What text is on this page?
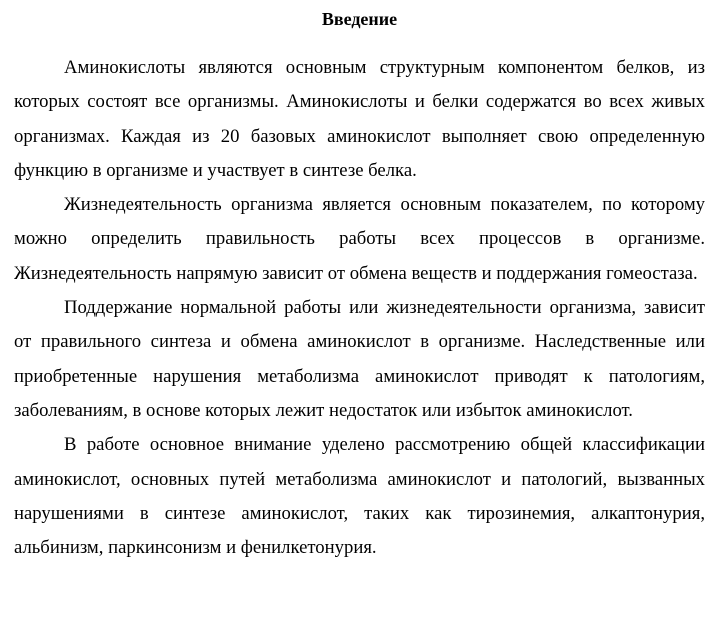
Введение

Аминокислоты являются основным структурным компонентом белков, из которых состоят все организмы. Аминокислоты и белки содержатся во всех живых организмах. Каждая из 20 базовых аминокислот выполняет свою определенную функцию в организме и участвует в синтезе белка.

Жизнедеятельность организма является основным показателем, по которому можно определить правильность работы всех процессов в организме. Жизнедеятельность напрямую зависит от обмена веществ и поддержания гомеостаза.

Поддержание нормальной работы или жизнедеятельности организма, зависит от правильного синтеза и обмена аминокислот в организме. Наследственные или приобретенные нарушения метаболизма аминокислот приводят к патологиям, заболеваниям, в основе которых лежит недостаток или избыток аминокислот.

В работе основное внимание уделено рассмотрению общей классификации аминокислот, основных путей метаболизма аминокислот и патологий, вызванных нарушениями в синтезе аминокислот, таких как тирозинемия, алкаптонурия, альбинизм, паркинсонизм и фенилкетонурия.
